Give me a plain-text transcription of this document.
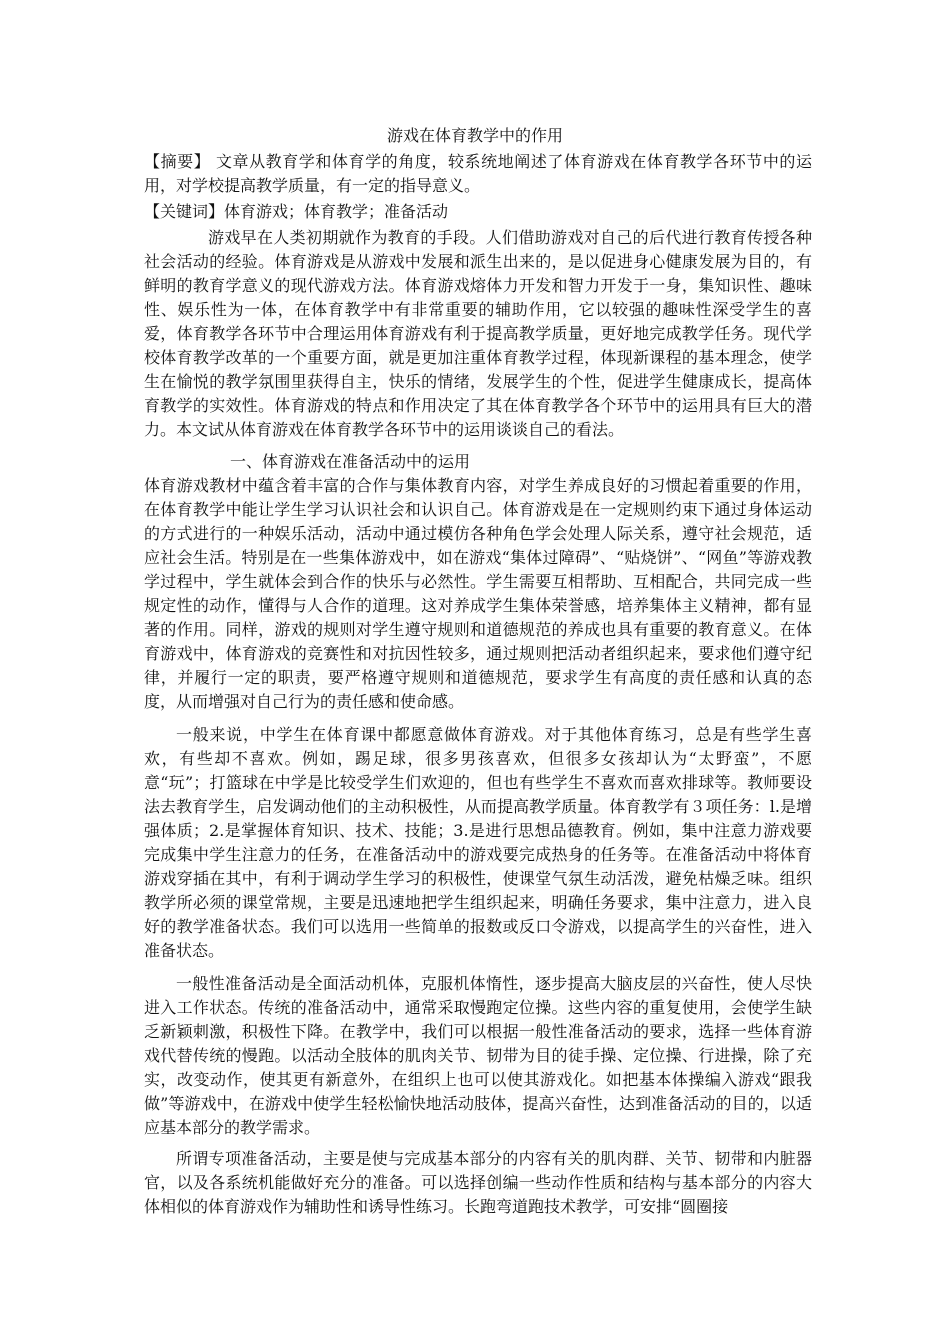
游戏在体育教学中的作用
【摘要】 文章从教育学和体育学的角度，较系统地阐述了体育游戏在体育教学各环节中的运用，对学校提高教学质量，有一定的指导意义。
【关键词】体育游戏；体育教学；准备活动
游戏早在人类初期就作为教育的手段。人们借助游戏对自己的后代进行教育传授各种社会活动的经验。体育游戏是从游戏中发展和派生出来的，是以促进身心健康发展为目的，有鲜明的教育学意义的现代游戏方法。体育游戏熔体力开发和智力开发于一身，集知识性、趣味性、娱乐性为一体，在体育教学中有非常重要的辅助作用，它以较强的趣味性深受学生的喜爱，体育教学各环节中合理运用体育游戏有利于提高教学质量，更好地完成教学任务。现代学校体育教学改革的一个重要方面，就是更加注重体育教学过程，体现新课程的基本理念，使学生在愉悦的教学氛围里获得自主，快乐的情绪，发展学生的个性，促进学生健康成长，提高体育教学的实效性。体育游戏的特点和作用决定了其在体育教学各个环节中的运用具有巨大的潜力。本文试从体育游戏在体育教学各环节中的运用谈谈自己的看法。
一、体育游戏在准备活动中的运用
体育游戏教材中蕴含着丰富的合作与集体教育内容，对学生养成良好的习惯起着重要的作用，在体育教学中能让学生学习认识社会和认识自己。体育游戏是在一定规则约束下通过身体运动的方式进行的一种娱乐活动，活动中通过模仿各种角色学会处理人际关系，遵守社会规范，适应社会生活。特别是在一些集体游戏中，如在游戏“集体过障碍”、“贴烧饼”、“网鱼”等游戏教学过程中，学生就体会到合作的快乐与必然性。学生需要互相帮助、互相配合，共同完成一些规定性的动作，懂得与人合作的道理。这对养成学生集体荣誉感，培养集体主义精神，都有显著的作用。同样，游戏的规则对学生遵守规则和道德规范的养成也具有重要的教育意义。在体育游戏中，体育游戏的竞赛性和对抗因性较多，通过规则把活动者组织起来，要求他们遵守纪律，并履行一定的职责，要严格遵守规则和道德规范，要求学生有高度的责任感和认真的态度，从而增强对自己行为的责任感和使命感。
一般来说，中学生在体育课中都愿意做体育游戏。对于其他体育练习，总是有些学生喜欢，有些却不喜欢。例如，踢足球，很多男孩喜欢，但很多女孩却认为“太野蛮”，不愿意“玩”；打篮球在中学是比较受学生们欢迎的，但也有些学生不喜欢而喜欢排球等。教师要设法去教育学生，启发调动他们的主动积极性，从而提高教学质量。体育教学有３项任务：l.是增强体质；2.是掌握体育知识、技术、技能；3.是进行思想品德教育。例如，集中注意力游戏要完成集中学生注意力的任务，在准备活动中的游戏要完成热身的任务等。在准备活动中将体育游戏穿插在其中，有利于调动学生学习的积极性，使课堂气氛生动活泼，避免枯燥乏味。组织教学所必须的课堂常规，主要是迅速地把学生组织起来，明确任务要求，集中注意力，进入良好的教学准备状态。我们可以选用一些简单的报数或反口令游戏，以提高学生的兴奋性，进入准备状态。
一般性准备活动是全面活动机体，克服机体惰性，逐步提高大脑皮层的兴奋性，使人尽快进入工作状态。传统的准备活动中，通常采取慢跑定位操。这些内容的重复使用，会使学生缺乏新颖刺激，积极性下降。在教学中，我们可以根据一般性准备活动的要求，选择一些体育游戏代替传统的慢跑。以活动全肢体的肌肉关节、韧带为目的徒手操、定位操、行进操，除了充实，改变动作，使其更有新意外，在组织上也可以使其游戏化。如把基本体操编入游戏“跟我做”等游戏中，在游戏中使学生轻松愉快地活动肢体，提高兴奋性，达到准备活动的目的，以适应基本部分的教学需求。
所谓专项准备活动，主要是使与完成基本部分的内容有关的肌肉群、关节、韧带和内脏器官，以及各系统机能做好充分的准备。可以选择创编一些动作性质和结构与基本部分的内容大体相似的体育游戏作为辅助性和诱导性练习。长跑弯道跑技术教学，可安排“圆圈接
